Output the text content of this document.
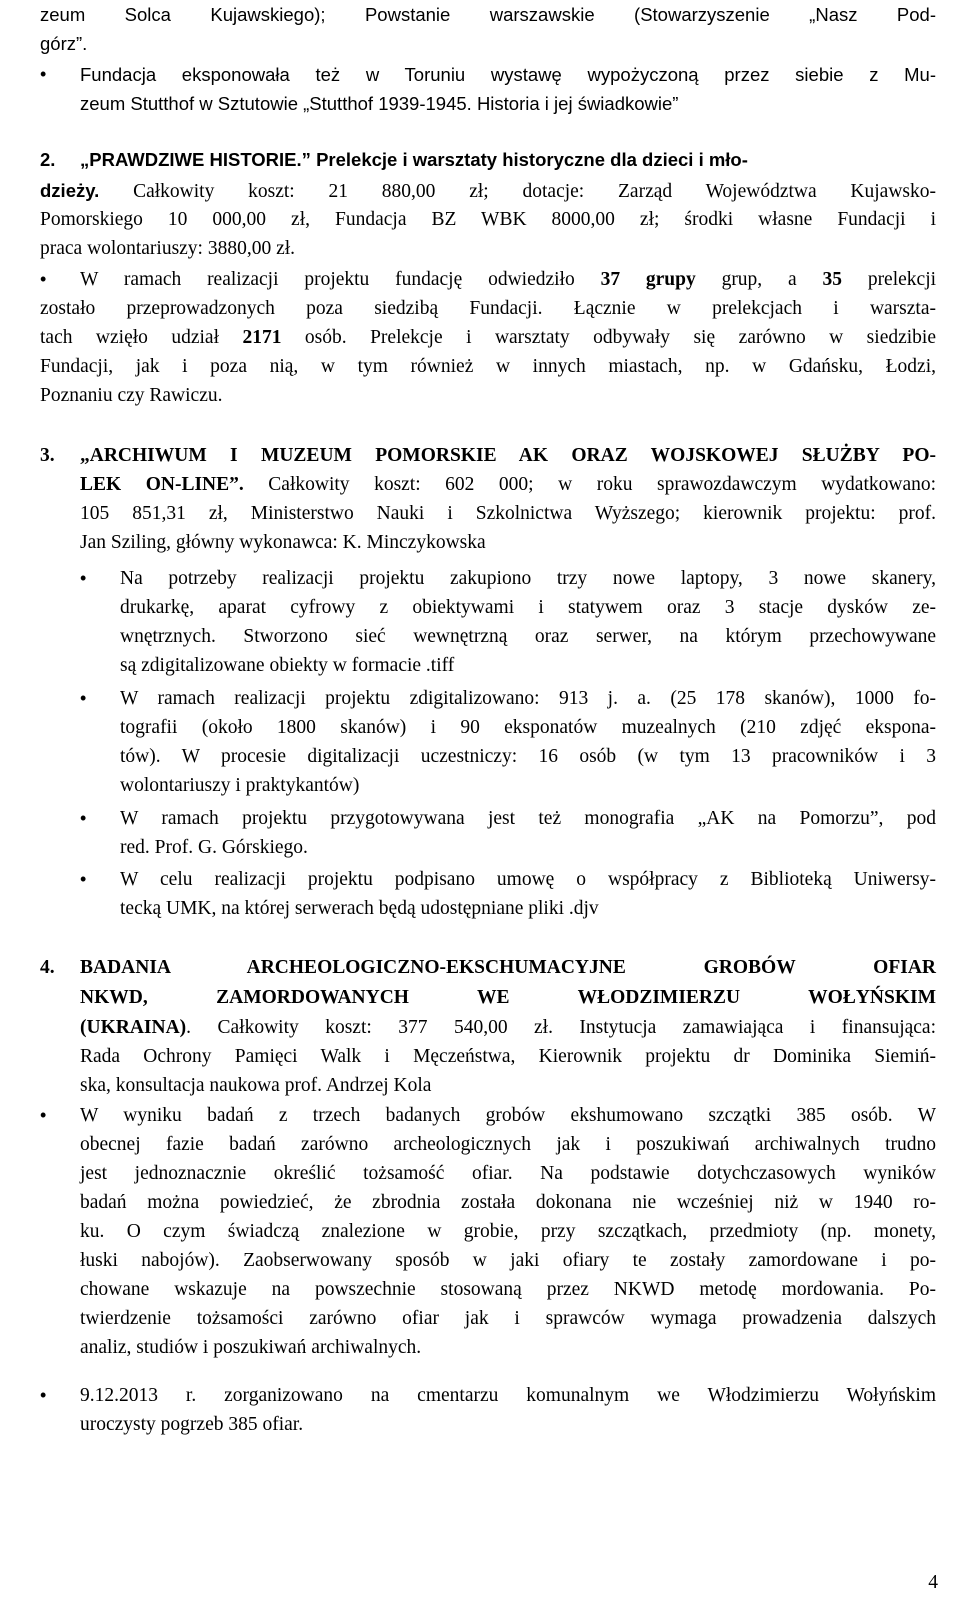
zeum Solca Kujawskiego); Powstanie warszawskie (Stowarzyszenie „Nasz Pod-
górz”.
• Fundacja eksponowała też w Toruniu wystawę wypożyczoną przez siebie z Mu-
zeum Stutthof w Sztutowie „Stutthof 1939-1945. Historia i jej świadkowie”
2.	„PRAWDZIWE HISTORIE.” Prelekcje i warsztaty historyczne dla dzieci i mło-
dzieży. Całkowity koszt: 21 880,00 zł; dotacje: Zarząd Województwa Kujawsko-
Pomorskiego 10 000,00 zł, Fundacja BZ WBK 8000,00 zł; środki własne Fundacji i
praca wolontariuszy: 3880,00 zł.
• W ramach realizacji projektu fundację odwiedziło 37 grupy grup, a 35 prelekcji
zostało przeprowadzonych poza siedzibą Fundacji. Łącznie w prelekcjach i warszta-
tach wzięło udział 2171 osób. Prelekcje i warsztaty odbywały się zarówno w siedzibie
Fundacji, jak i poza nią, w tym również w innych miastach, np. w Gdańsku, Łodzi,
Poznaniu czy Rawiczu.
3.	„ARCHIWUM I MUZEUM POMORSKIE AK ORAZ WOJSKOWEJ SŁUŻBY PO-
LEK ON-LINE”. Całkowity koszt: 602 000; w roku sprawozdawczym wydatkowano:
105 851,31 zł, Ministerstwo Nauki i Szkolnictwa Wyższego; kierownik projektu: prof.
Jan Sziling, główny wykonawca: K. Minczykowska
• Na potrzeby realizacji projektu zakupiono trzy nowe laptopy, 3 nowe skanery,
drukarkę, aparat cyfrowy z obiektywami i statywem oraz 3 stacje dysków ze-
wnętrznych. Stworzono sieć wewnętrzną oraz serwer, na którym przechowywane
są zdigitalizowane obiekty w formacie .tiff
• W ramach realizacji projektu zdigitalizowano: 913 j. a. (25 178 skanów), 1000 fo-
tografii (około 1800 skanów) i 90 eksponatów muzealnych (210 zdjęć ekspona-
tów). W procesie digitalizacji uczestniczy: 16 osób (w tym 13 pracowników i 3
wolontariuszy i praktykantów)
• W ramach projektu przygotowywana jest też monografia „AK na Pomorzu”, pod
red. Prof. G. Górskiego.
• W celu realizacji projektu podpisano umowę o współpracy z Biblioteką Uniwersy-
tecką UMK, na której serwerach będą udostępniane pliki .djv
4.	BADANIA ARCHEOLOGICZNO-EKSCHUMACYJNE GROBÓW OFIAR
NKWD, ZAMORDOWANYCH WE WŁODZIMIERZU WOŁYŃSKIM
(UKRAINA). Całkowity koszt: 377 540,00 zł. Instytucja zamawiająca i finansująca:
Rada Ochrony Pamięci Walk i Męczeństwa, Kierownik projektu dr Dominika Siemiń-
ska, konsultacja naukowa prof. Andrzej Kola
• W wyniku badań z trzech badanych grobów ekshumowano szczątki 385 osób. W
obecnej fazie badań zarówno archeologicznych jak i poszukiwań archiwalnych trudno
jest jednoznacznie określić tożsamość ofiar. Na podstawie dotychczasowych wyników
badań można powiedzieć, że zbrodnia została dokonana nie wcześniej niż w 1940 ro-
ku. O czym świadczą znalezione w grobie, przy szczątkach, przedmioty (np. monety,
łuski nabojów). Zaobserwowany sposób w jaki ofiary te zostały zamordowane i po-
chowane wskazuje na powszechnie stosowaną przez NKWD metodę mordowania. Po-
twierdzenie tożsamości zarówno ofiar jak i sprawców wymaga prowadzenia dalszych
analiz, studiów i poszukiwań archiwalnych.
• 9.12.2013 r. zorganizowano na cmentarzu komunalnym we Włodzimierzu Wołyńskim
uroczysty pogrzeb 385 ofiar.
4
